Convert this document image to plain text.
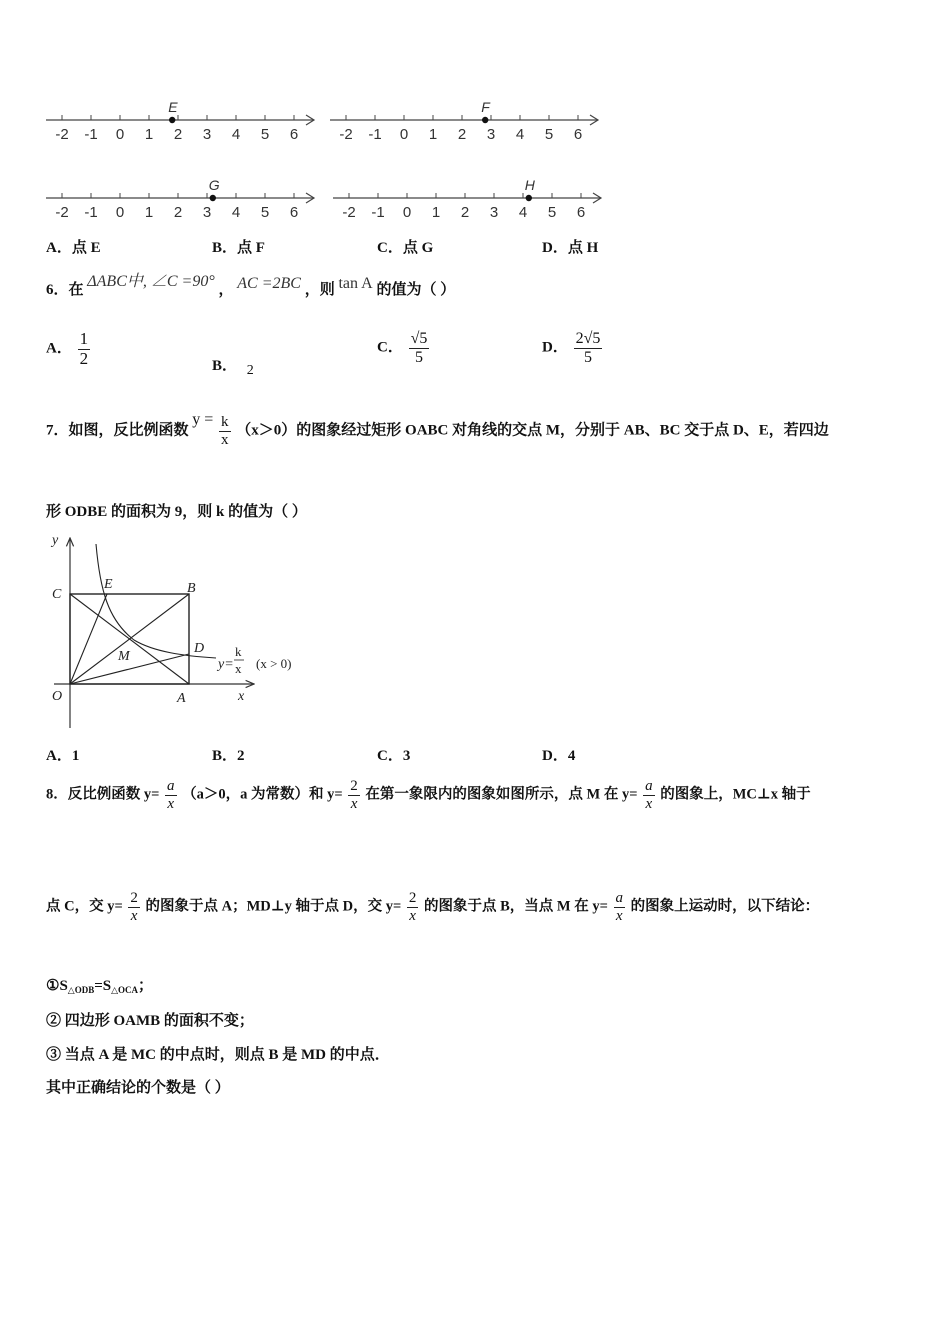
-2 -1 0 1 2 3 4 5 6
E
-2 -1 0 1 2 3 4 5 6
F
-2 -1 0 1 2 3 4 5 6
G
-2 -1 0 1 2 3 4 5 6
H
A．点 E	B．点 F	C．点 G	D．点 H
6．在 ΔABC中, ∠C =90° ， AC =2BC ，则 tan A 的值为（ ）
A． $\frac{1}{2}$	B． 2
C． $\frac{√5}{5}$	D． $\frac{2√5}{5}$
7．如图，反比例函数 $y = \frac{k}{x} (x>0)$的图象经过矩形 OABC 对角线的交点 M，分别于 AB、BC 交于点 D、E，若四边
形 ODBE 的面积为 9，则 k 的值为（ ）
y
C
E	B
D
M
O	A	x
y=
k
x (x > 0)
A．1	B．2	C．3	D．4
8．反比例函数 $y= \frac{a}{x} (a>0$，a 为常数）和 $y= \frac{2}{x}$ 在第一象限内的图象如图所示，点 M 在 $y= \frac{a}{x}$ 的图象上，MC⊥x 轴于
点 C，交 $y= \frac{2}{x}$ 的图象于点 A；MD⊥y 轴于点 D，交 $y= \frac{2}{x}$ 的图象于点 B，当点 M 在 $y= \frac{a}{x}$ 的图象上运动时，以下结论：
$①S_{\triangle ODB}=S_{\triangle OCA}$；
② 四边形 OAMB 的面积不变；
③ 当点 A 是 MC 的中点时，则点 B 是 MD 的中点．
其中正确结论的个数是（ ）
